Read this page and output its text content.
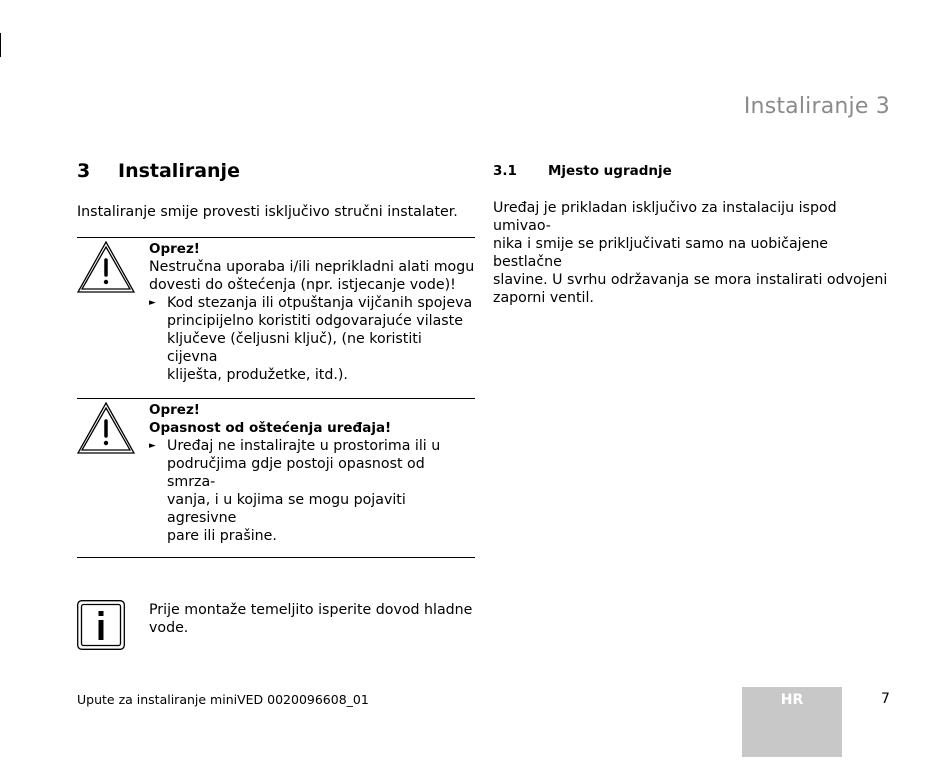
Instaliranje 3
3	Instaliranje
Instaliranje smije provesti isključivo stručni instalater.
Oprez!
Nestručna uporaba i/ili neprikladni alati mogu
dovesti do oštećenja (npr. istjecanje vode)!
► Kod stezanja ili otpuštanja vijčanih spojeva
principijelno koristiti odgovarajuće vilaste
ključeve (čeljusni ključ), (ne koristiti cijevna
kliješta, produžetke, itd.).
Oprez!
Opasnost od oštećenja uređaja!
► Uređaj ne instalirajte u prostorima ili u
područjima gdje postoji opasnost od smrza-
vanja, i u kojima se mogu pojaviti agresivne
pare ili prašine.
Prije montaže temeljito isperite dovod hladne
vode.
3.1	Mjesto ugradnje
Uređaj je prikladan isključivo za instalaciju ispod umivao-
nika i smije se priključivati samo na uobičajene bestlačne
slavine. U svrhu održavanja se mora instalirati odvojeni
zaporni ventil.
Upute za instaliranje miniVED 0020096608_01	HR	7
